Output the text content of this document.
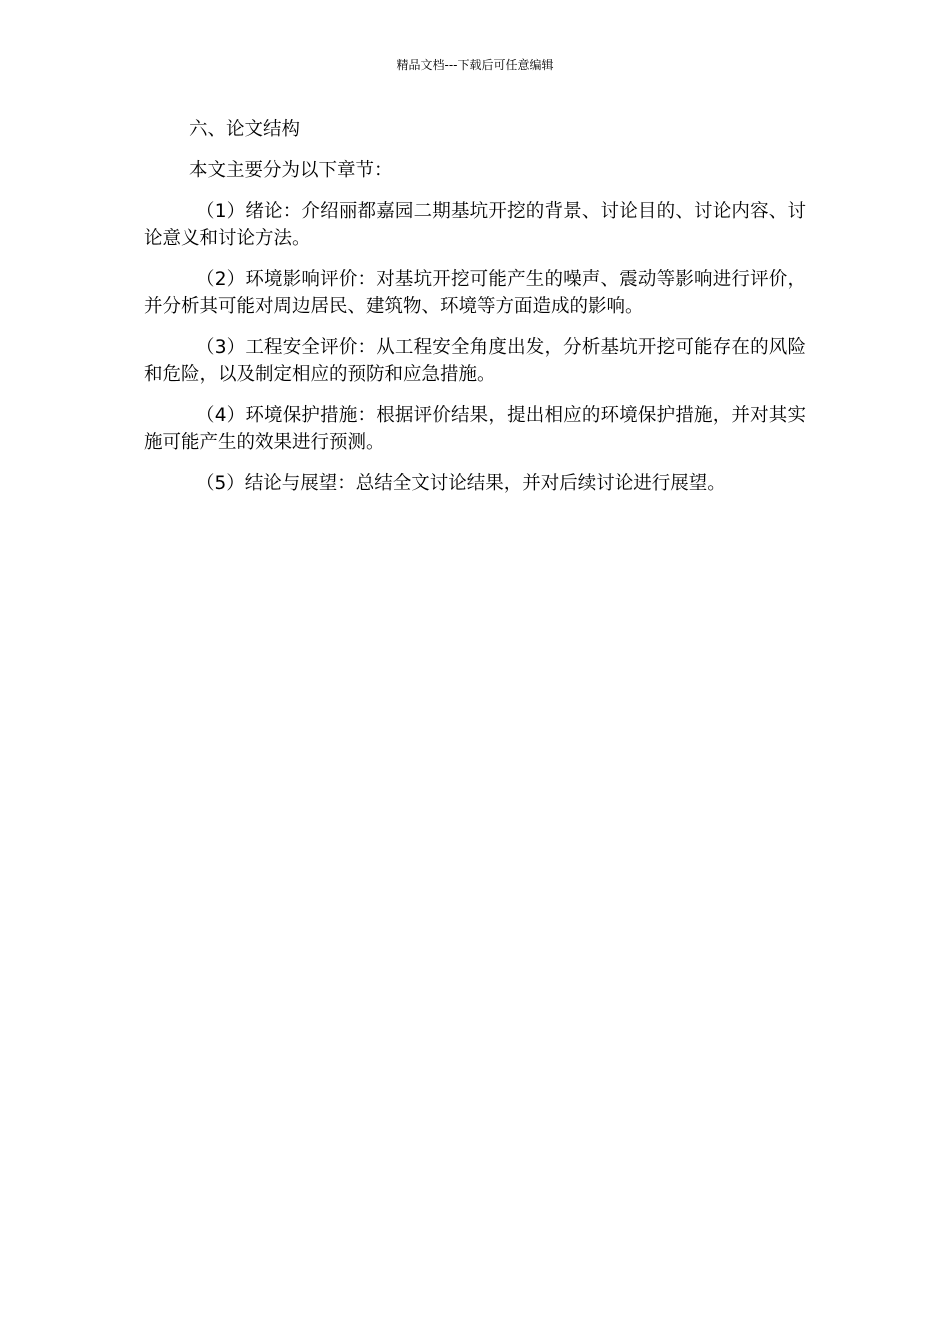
精品文档---下载后可任意编辑

六、论文结构

本文主要分为以下章节：

（1）绪论：介绍丽都嘉园二期基坑开挖的背景、讨论目的、讨论内容、讨论意义和讨论方法。

（2）环境影响评价：对基坑开挖可能产生的噪声、震动等影响进行评价，并分析其可能对周边居民、建筑物、环境等方面造成的影响。

（3）工程安全评价：从工程安全角度出发，分析基坑开挖可能存在的风险和危险，以及制定相应的预防和应急措施。

（4）环境保护措施：根据评价结果，提出相应的环境保护措施，并对其实施可能产生的效果进行预测。

（5）结论与展望：总结全文讨论结果，并对后续讨论进行展望。
